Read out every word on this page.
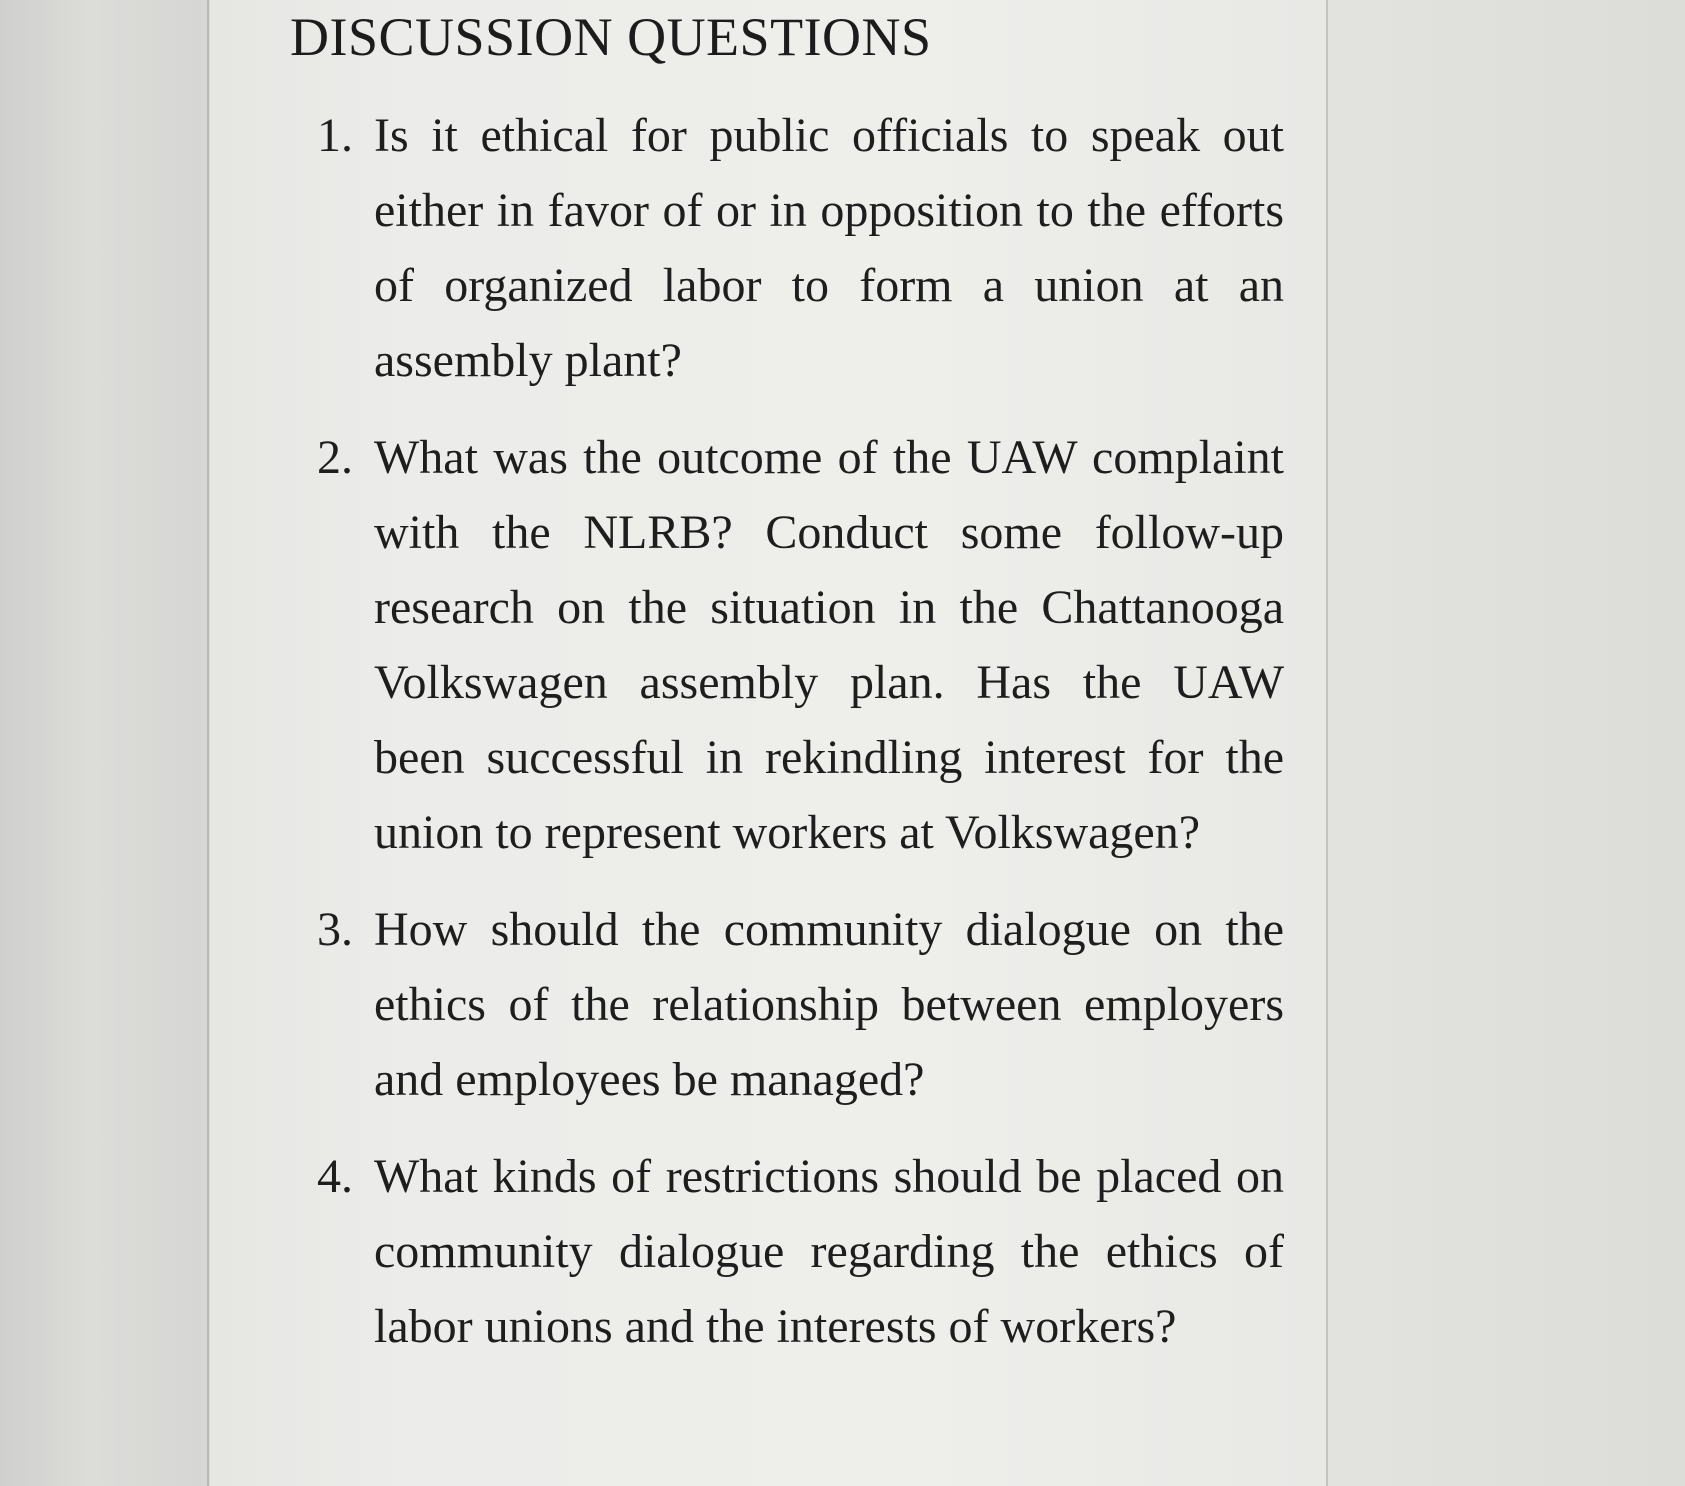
DISCUSSION QUESTIONS
1. Is it ethical for public officials to speak out either in favor of or in opposition to the efforts of organized labor to form a union at an assembly plant?
2. What was the outcome of the UAW complaint with the NLRB? Conduct some follow-up research on the situation in the Chattanooga Volkswagen assembly plan. Has the UAW been successful in rekindling interest for the union to represent workers at Volkswagen?
3. How should the community dialogue on the ethics of the relationship between employers and employees be managed?
4. What kinds of restrictions should be placed on community dialogue regarding the ethics of labor unions and the interests of workers?
